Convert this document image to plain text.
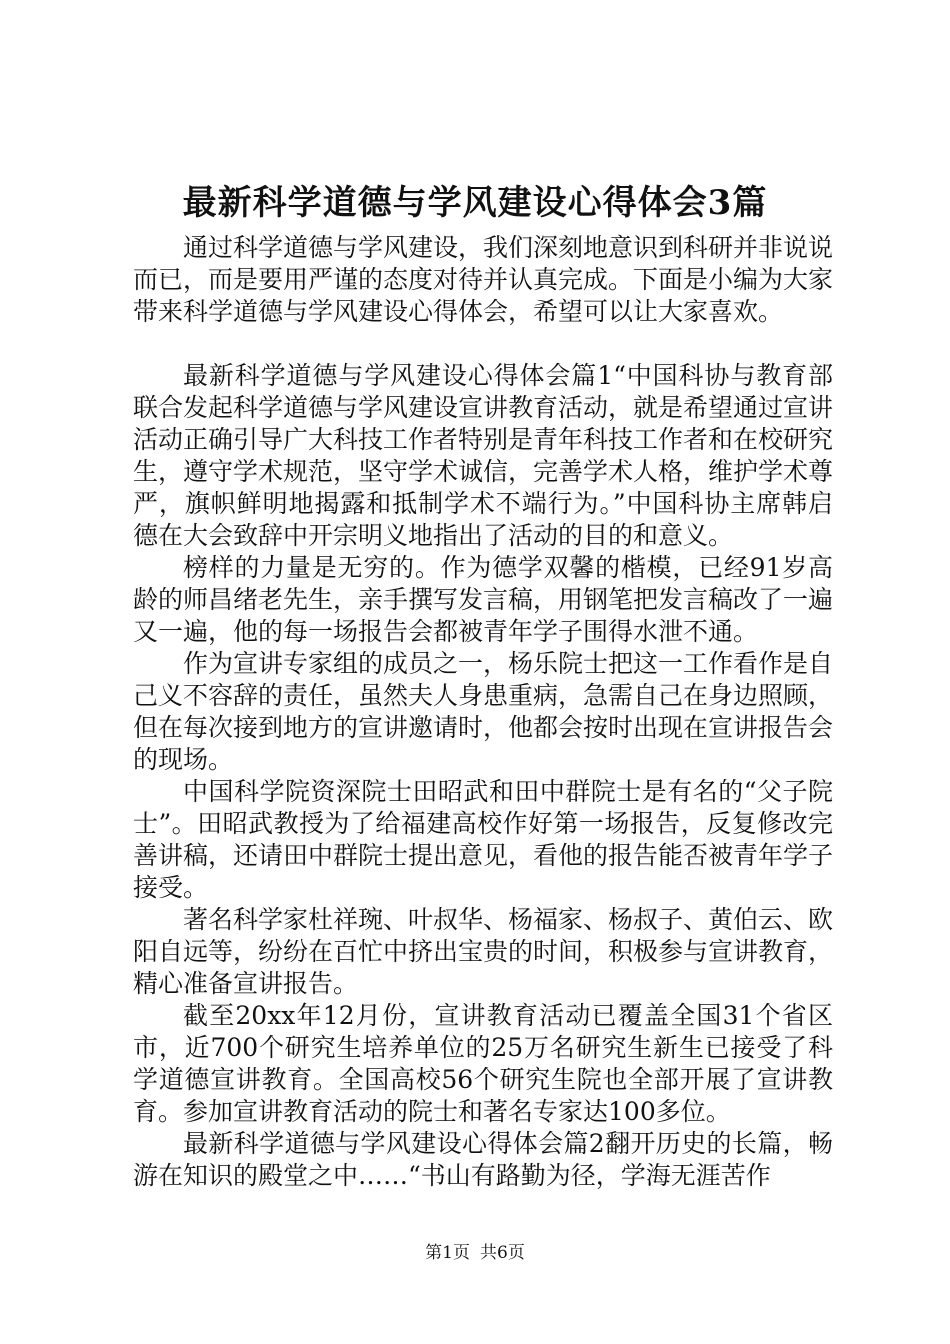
最新科学道德与学风建设心得体会3篇

通过科学道德与学风建设，我们深刻地意识到科研并非说说而已，而是要用严谨的态度对待并认真完成。下面是小编为大家带来科学道德与学风建设心得体会，希望可以让大家喜欢。

最新科学道德与学风建设心得体会篇1“中国科协与教育部联合发起科学道德与学风建设宣讲教育活动，就是希望通过宣讲活动正确引导广大科技工作者特别是青年科技工作者和在校研究生，遵守学术规范，坚守学术诚信，完善学术人格，维护学术尊严，旗帜鲜明地揭露和抵制学术不端行为。”中国科协主席韩启德在大会致辞中开宗明义地指出了活动的目的和意义。

榜样的力量是无穷的。作为德学双馨的楷模，已经91岁高龄的师昌绪老先生，亲手撰写发言稿，用钢笔把发言稿改了一遍又一遍，他的每一场报告会都被青年学子围得水泄不通。

作为宣讲专家组的成员之一，杨乐院士把这一工作看作是自己义不容辞的责任，虽然夫人身患重病，急需自己在身边照顾，但在每次接到地方的宣讲邀请时，他都会按时出现在宣讲报告会的现场。

中国科学院资深院士田昭武和田中群院士是有名的“父子院士”。田昭武教授为了给福建高校作好第一场报告，反复修改完善讲稿，还请田中群院士提出意见，看他的报告能否被青年学子接受。

著名科学家杜祥琬、叶叔华、杨福家、杨叔子、黄伯云、欧阳自远等，纷纷在百忙中挤出宝贵的时间，积极参与宣讲教育，精心准备宣讲报告。

截至20xx年12月份，宣讲教育活动已覆盖全国31个省区市，近700个研究生培养单位的25万名研究生新生已接受了科学道德宣讲教育。全国高校56个研究生院也全部开展了宣讲教育。参加宣讲教育活动的院士和著名专家达100多位。

最新科学道德与学风建设心得体会篇2翻开历史的长篇，畅游在知识的殿堂之中……“书山有路勤为径，学海无涯苦作

第1页 共6页
